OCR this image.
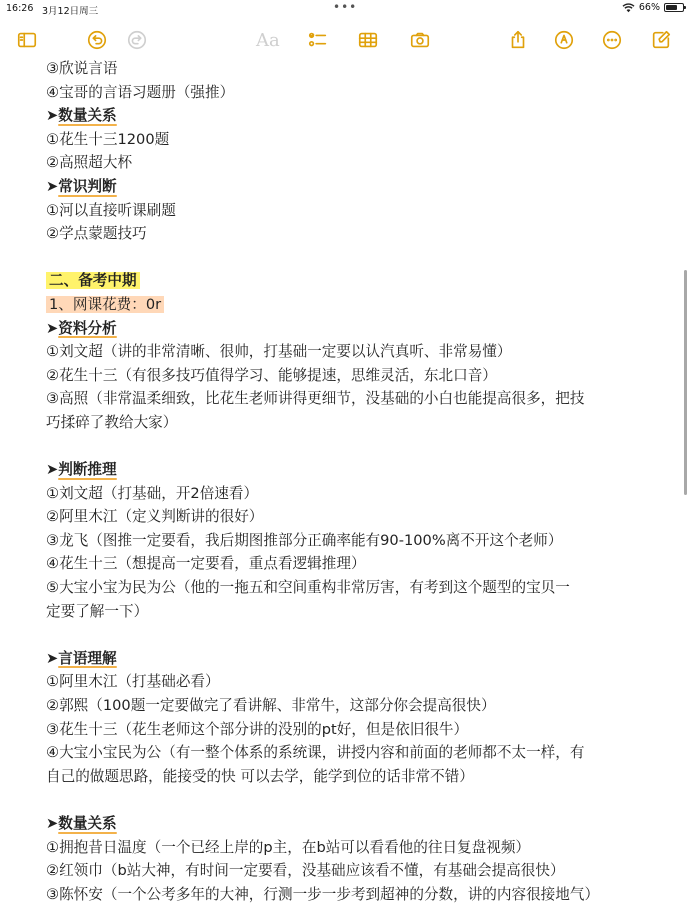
16:26 3月12日周三	•••	66%
Aa
③欣说言语
④宝哥的言语习题册（强推）
➤数量关系
①花生十三1200题
②高照超大杯
➤常识判断
①河以直接听课刷题
②学点蒙题技巧
二、备考中期
1、网课花费：0r
➤资料分析
①刘文超（讲的非常清晰、很帅，打基础一定要以认汽真听、非常易懂）
②花生十三（有很多技巧值得学习、能够提速，思维灵活，东北口音）
③高照（非常温柔细致，比花生老师讲得更细节，没基础的小白也能提高很多，把技
巧揉碎了教给大家）
➤判断推理
①刘文超（打基础，开2倍速看）
②阿里木江（定义判断讲的很好）
③龙飞（图推一定要看，我后期图推部分正确率能有90-100%离不开这个老师）
④花生十三（想提高一定要看，重点看逻辑推理）
⑤大宝小宝为民为公（他的一拖五和空间重构非常厉害，有考到这个题型的宝贝一
定要了解一下）
➤言语理解
①阿里木江（打基础必看）
②郭熙（100题一定要做完了看讲解、非常牛，这部分你会提高很快）
③花生十三（花生老师这个部分讲的没别的pt好，但是依旧很牛）
④大宝小宝民为公（有一整个体系的系统课，讲授内容和前面的老师都不太一样，有
自己的做题思路，能接受的快 可以去学，能学到位的话非常不错）
➤数量关系
①拥抱昔日温度（一个已经上岸的p主，在b站可以看看他的往日复盘视频）
②红领巾（b站大神，有时间一定要看，没基础应该看不懂，有基础会提高很快）
③陈怀安（一个公考多年的大神，行测一步一步考到超神的分数，讲的内容很接地气）
